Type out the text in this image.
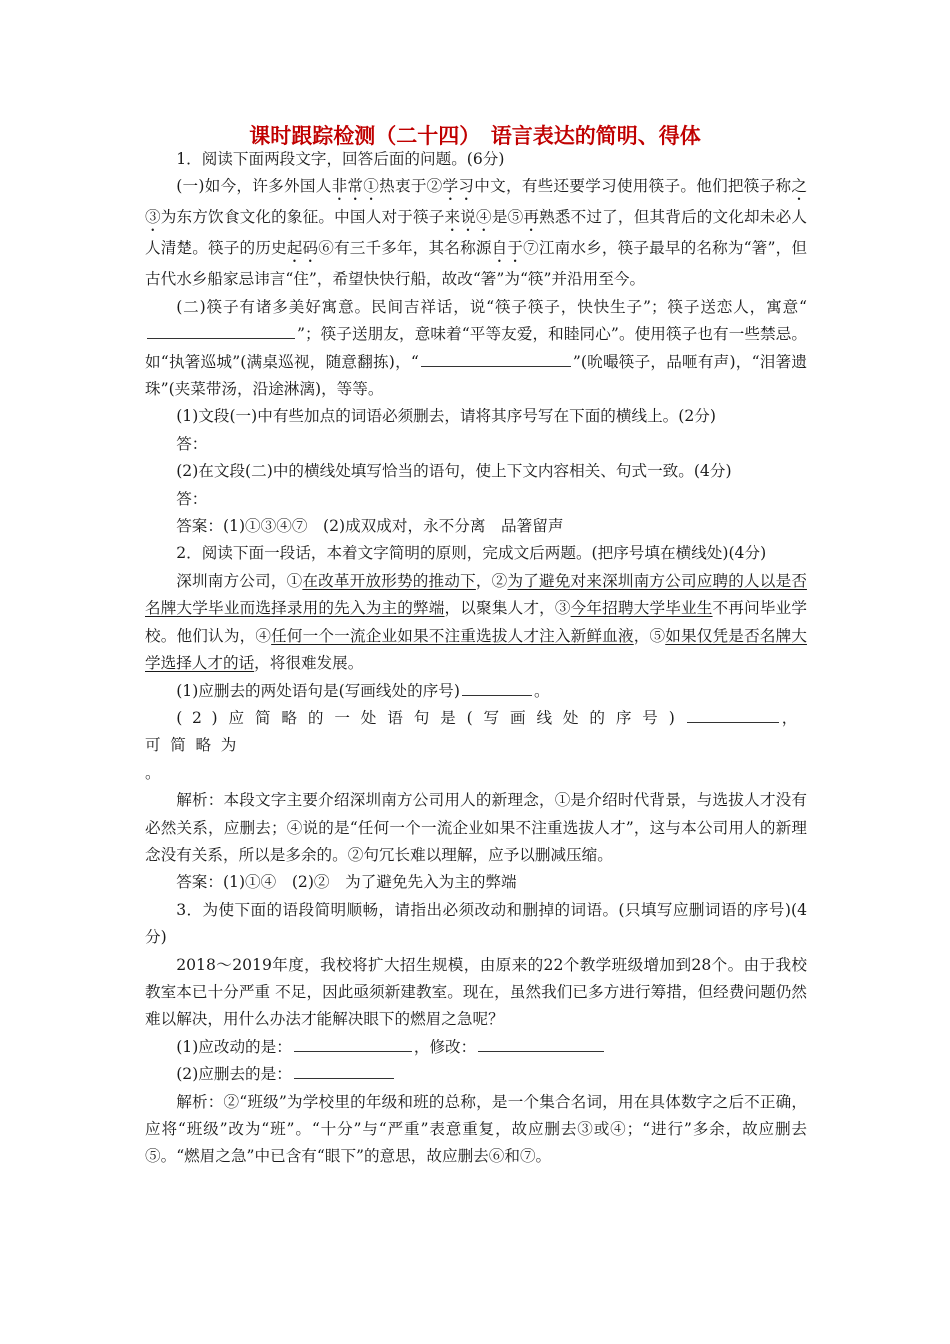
课时跟踪检测（二十四）　语言表达的简明、得体

1．阅读下面两段文字，回答后面的问题。(6分)

(一)如今，许多外国人非常①热衷于②学习中文，有些还要学习使用筷子。他们把筷子称之③为东方饮食文化的象征。中国人对于筷子来说④是⑤再熟悉不过了，但其背后的文化却未必人人清楚。筷子的历史起码⑥有三千多年，其名称源自于⑦江南水乡，筷子最早的名称为“箸”，但古代水乡船家忌讳言“住”，希望快快行船，故改“箸”为“筷”并沿用至今。

(二)筷子有诸多美好寓意。民间吉祥话，说“筷子筷子，快快生子”；筷子送恋人，寓意“”；筷子送朋友，意味着“平等友爱，和睦同心”。使用筷子也有一些禁忌。如“执箸巡城”(满桌巡视，随意翻拣)，“	”(吮嘬筷子，品咂有声)，“泪箸遗珠”(夹菜带汤，沿途淋漓)，等等。

(1)文段(一)中有些加点的词语必须删去，请将其序号写在下面的横线上。(2分)

答：

(2)在文段(二)中的横线处填写恰当的语句，使上下文内容相关、句式一致。(4分)

答：

答案：(1)①③④⑦　(2)成双成对，永不分离　品箸留声

2．阅读下面一段话，本着文字简明的原则，完成文后两题。(把序号填在横线处)(4分)

深圳南方公司，①在改革开放形势的推动下，②为了避免对来深圳南方公司应聘的人以是否名牌大学毕业而选择录用的先入为主的弊端，以聚集人才，③今年招聘大学毕业生不再问毕业学校。他们认为，④任何一个一流企业如果不注重选拔人才注入新鲜血液，⑤如果仅凭是否名牌大学选择人才的话，将很难发展。

(1)应删去的两处语句是(写画线处的序号)	。

(2)应简略的一处语句是(写画线处的序号)	，可简略为

。

解析：本段文字主要介绍深圳南方公司用人的新理念，①是介绍时代背景，与选拔人才没有必然关系，应删去；④说的是“任何一个一流企业如果不注重选拔人才”，这与本公司用人的新理念没有关系，所以是多余的。②句冗长难以理解，应予以删减压缩。

答案：(1)①④　(2)②　为了避免先入为主的弊端

3．为使下面的语段简明顺畅，请指出必须改动和删掉的词语。(只填写应删词语的序号)(4分)

2018～2019年度，我校将扩大招生规模，由原来的22个教学班级增加到28个。由于我校教室本已十分严重 不足，因此亟须新建教室。现在，虽然我们已多方进行筹措，但经费问题仍然难以解决，用什么办法才能解决眼下的燃眉之急呢？

(1)应改动的是：	，修改：

(2)应删去的是：

解析：②“班级”为学校里的年级和班的总称，是一个集合名词，用在具体数字之后不正确，应将“班级”改为“班”。“十分”与“严重”表意重复，故应删去③或④；“进行”多余，故应删去⑤。“燃眉之急”中已含有“眼下”的意思，故应删去⑥和⑦。
